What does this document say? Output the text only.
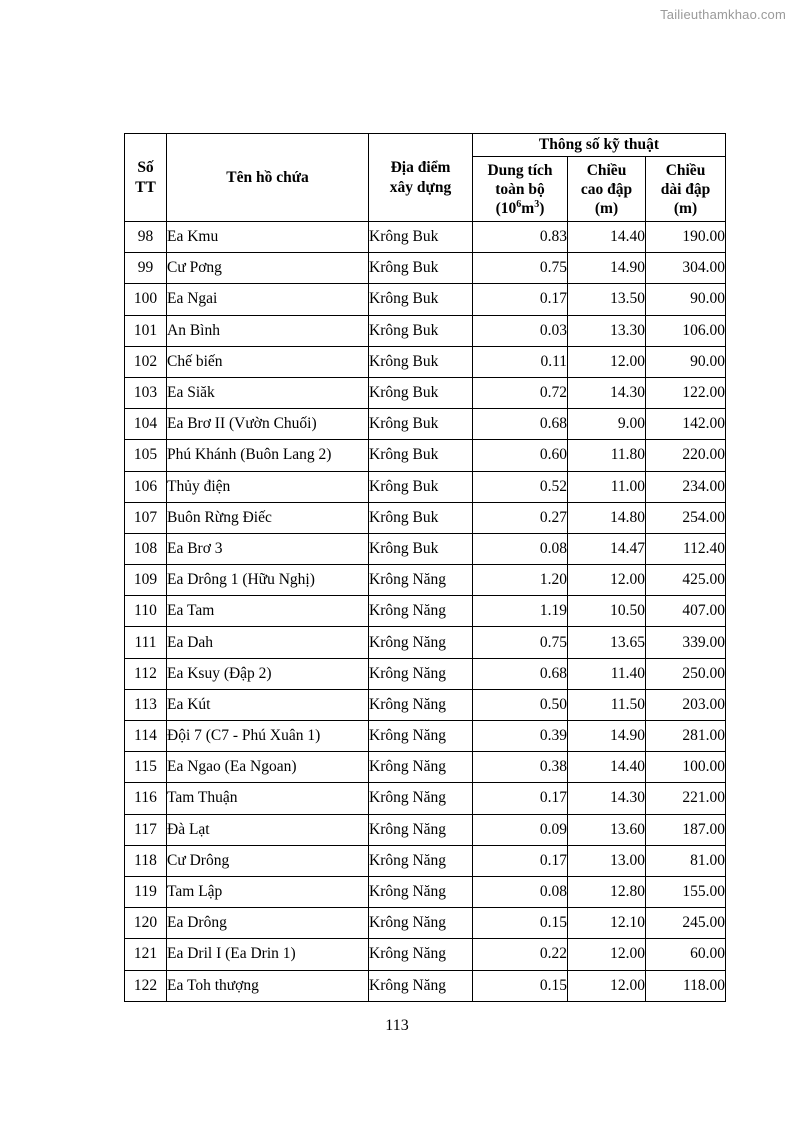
Tailieuthamkhao.com
Số TT	Tên hồ chứa	Địa điểm xây dựng	Thông số kỹ thuật		

			Dung tích toàn bộ $(10^6m^3)$	Chiều cao đập (m)	Chiều dài đập (m)

98	Ea Kmu	Krông Buk	0.83	14.40	190.00
99	Cư Pơng	Krông Buk	0.75	14.90	304.00
100	Ea Ngai	Krông Buk	0.17	13.50	90.00
101	An Bình	Krông Buk	0.03	13.30	106.00
102	Chế biến	Krông Buk	0.11	12.00	90.00
103	Ea Siăk	Krông Buk	0.72	14.30	122.00
104	Ea Brơ II (Vườn Chuối)	Krông Buk	0.68	9.00	142.00
105	Phú Khánh (Buôn Lang 2)	Krông Buk	0.60	11.80	220.00
106	Thủy điện	Krông Buk	0.52	11.00	234.00
107	Buôn Rừng Điếc	Krông Buk	0.27	14.80	254.00
108	Ea Brơ 3	Krông Buk	0.08	14.47	112.40
109	Ea Drông 1 (Hữu Nghị)	Krông Năng	1.20	12.00	425.00
110	Ea Tam	Krông Năng	1.19	10.50	407.00
111	Ea Dah	Krông Năng	0.75	13.65	339.00
112	Ea Ksuy (Đập 2)	Krông Năng	0.68	11.40	250.00
113	Ea Kút	Krông Năng	0.50	11.50	203.00
114	Đội 7 (C7 - Phú Xuân 1)	Krông Năng	0.39	14.90	281.00
115	Ea Ngao (Ea Ngoan)	Krông Năng	0.38	14.40	100.00
116	Tam Thuận	Krông Năng	0.17	14.30	221.00
117	Đà Lạt	Krông Năng	0.09	13.60	187.00
118	Cư Drông	Krông Năng	0.17	13.00	81.00
119	Tam Lập	Krông Năng	0.08	12.80	155.00
120	Ea Drông	Krông Năng	0.15	12.10	245.00
121	Ea Dril I (Ea Drin 1)	Krông Năng	0.22	12.00	60.00
122	Ea Toh thượng	Krông Năng	0.15	12.00	118.00
113
